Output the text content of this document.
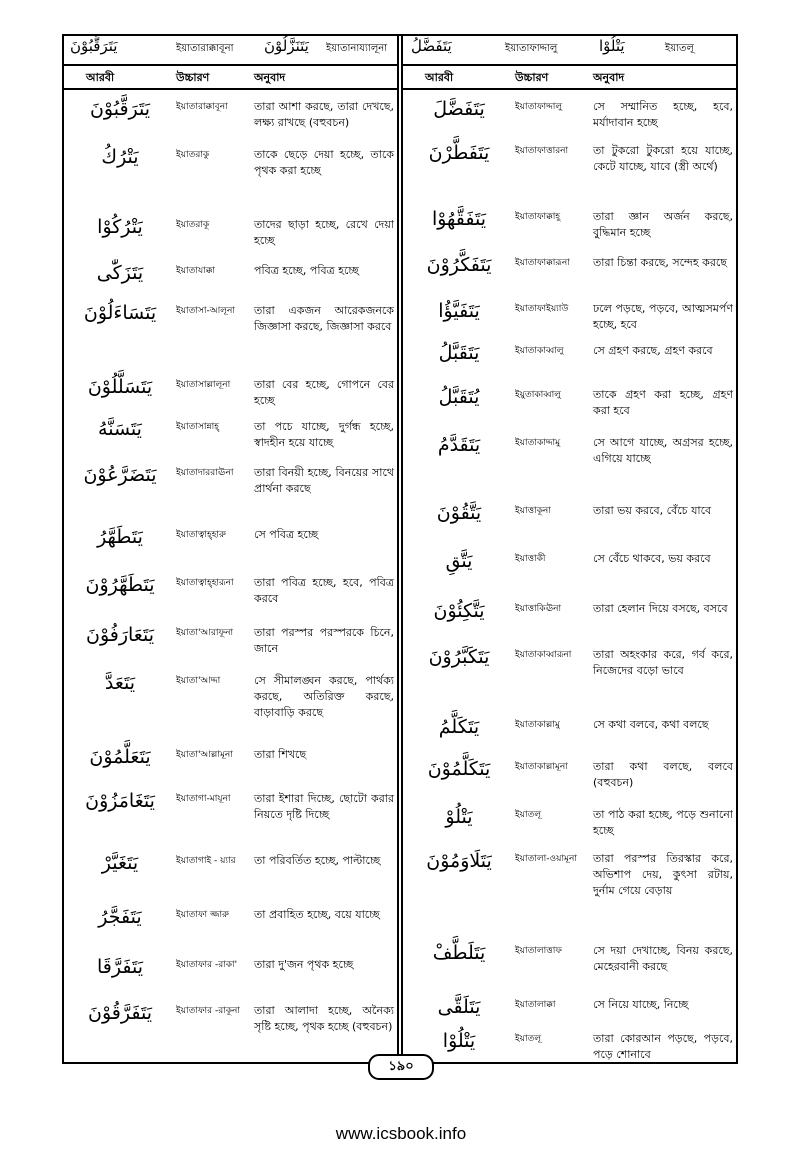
يَتَرَقَّبُوْنَ	ইয়াতারাক্কাবূনা يَتَنَزَّلُوْنَ ইয়াতানায্যালূনা
আরবী	উচ্চারণ	অনুবাদ
يَتَرَقَّبُوْنَ	ইয়াতারাক্কাবূনা	তারা আশা করছে, তারা দেখছে, লক্ষ্য রাখছে (বহুবচন)
يَتْرُكُ	ইয়াতরাকু	তাকে ছেড়ে দেয়া হচ্ছে, তাকে পৃথক করা হচ্ছে
يَتْرُكُوْا	ইয়াতরাকূ	তাদের ছাড়া হচ্ছে, রেখে দেয়া হচ্ছে
يَتَزَكّٰى	ইয়াতাযাক্কা	পবিত্র হচ্ছে, পবিত্র হচ্ছে
يَتَسَاءَلُوْنَ	ইয়াতাসা-আলূনা	তারা একজন আরেকজনকে জিজ্ঞাসা করছে, জিজ্ঞাসা করবে
يَتَسَلَّلُوْنَ	ইয়াতাসাল্লালূনা	তারা বের হচ্ছে, গোপনে বের হচ্ছে
يَتَسَنَّهُ	ইয়াতাসান্নাহ্	তা পচে যাচ্ছে, দুর্গন্ধ হচ্ছে, স্বাদহীন হয়ে যাচ্ছে
يَتَضَرَّعُوْنَ	ইয়াতাদাররাঊনা	তারা বিনয়ী হচ্ছে, বিনয়ের সাথে প্রার্থনা করছে
يَتَطَهَّرُ	ইয়াতাত্বাহ্হারু	সে পবিত্র হচ্ছে
يَتَطَهَّرُوْنَ	ইয়াতাত্বাহ্হারূনা	তারা পবিত্র হচ্ছে, হবে, পবিত্র করবে
يَتَعَارَفُوْنَ	ইয়াতা'আরাফূনা	তারা পরস্পর পরস্পরকে চিনে, জানে
يَتَعَدَّ	ইয়াতা'আদ্দা	সে সীমালঙ্ঘন করছে, পার্থক্য করছে, অতিরিক্ত করছে, বাড়াবাড়ি করছে
يَتَعَلَّمُوْنَ	ইয়াতা'আল্লামূনা	তারা শিখছে
يَتَغَامَزُوْنَ	ইয়াতাগা-মাযূনা	তারা ইশারা দিচ্ছে, ছোটো করার নিয়তে দৃষ্টি দিচ্ছে
يَتَغَيَّرْ	ইয়াতাগাই - য়্যার	তা পরিবর্তিত হচ্ছে, পাল্টাচ্ছে
يَتَفَجَّرُ	ইয়াতাফা জ্জারু	তা প্রবাহিত হচ্ছে, বয়ে যাচ্ছে
يَتَفَرَّقَا	ইয়াতাফার -রাকা'	তারা দু'জন পৃথক হচ্ছে
يَتَفَرَّقُوْنَ	ইয়াতাফার -রাকূনা	তারা আলাদা হচ্ছে, অনৈক্য সৃষ্টি হচ্ছে, পৃথক হচ্ছে (বহুবচন)
يَتَفَضَّلُ	ইয়াতাফাদ্দালু	يَتْلُوْا	ইয়াতলূ
আরবী	উচ্চারণ	অনুবাদ
يَتَفَضَّلَ	ইয়াতাফাদ্দালু	সে সম্মানিত হচ্ছে, হবে, মর্যাদাবান হচ্ছে
يَتَفَطَّرْنَ	ইয়াতাফাত্তারনা	তা টুকরো টুকরো হয়ে যাচ্ছে, কেটে যাচ্ছে, যাবে (স্ত্রী অর্থে)
يَتَفَقَّهُوْا	ইয়াতাফাক্কাহূ	তারা জ্ঞান অর্জন করছে, বুদ্ধিমান হচ্ছে
يَتَفَكَّرُوْنَ	ইয়াতাফাক্কারূনা	তারা চিন্তা করছে, সন্দেহ করছে
يَتَفَيَّؤُا	ইয়াতাফাইয়্যাউ	ঢলে পড়ছে, পড়বে, আত্মসমর্পণ হচ্ছে, হবে
يَتَقَبَّلُ	ইয়াতাকাব্বালু	সে গ্রহণ করছে, গ্রহণ করবে
يُتَقَبَّلُ	ইয়ুতাকাব্বালু	তাকে গ্রহণ করা হচ্ছে, গ্রহণ করা হবে
يَتَقَدَّمُ	ইয়াতাকাদ্দামু	সে আগে যাচ্ছে, অগ্রসর হচ্ছে, এগিয়ে যাচ্ছে
يَتَّقُوْنَ	ইয়াত্তাকূনা	তারা ভয় করবে, বেঁচে যাবে
يَتَّقِ	ইয়াত্তাকী	সে বেঁচে থাকবে, ভয় করবে
يَتَّكِئُوْنَ	ইয়াত্তাকিঊনা	তারা হেলান দিয়ে বসছে, বসবে
يَتَكَبَّرُوْنَ	ইয়াতাকাব্বারূনা	তারা অহংকার করে, গর্ব করে, নিজেদের বড়ো ভাবে
يَتَكَلَّمُ	ইয়াতাকাল্লামু	সে কথা বলবে, কথা বলছে
يَتَكَلَّمُوْنَ	ইয়াতাকাল্লামূনা	তারা কথা বলছে, বলবে (বহুবচন)
يَتْلُوْ	ইয়াতলূ	তা পাঠ করা হচ্ছে, পড়ে শুনানো হচ্ছে
يَتَلَاوَمُوْنَ	ইয়াতালা-ওয়ামূনা	তারা পরস্পর তিরস্কার করে, অভিশাপ দেয়, কুৎসা রটায়, দুর্নাম গেয়ে বেড়ায়
يَتَلَطَّفْ	ইয়াতালাত্তাফ	সে দয়া দেখাচ্ছে, বিনয় করছে, মেহেরবানী করছে
يَتَلَقَّى	ইয়াতালাক্কা	সে নিয়ে যাচ্ছে, নিচ্ছে
يَتْلُوْا	ইয়াতলূ	তারা কোরআন পড়ছে, পড়বে, পড়ে শোনাবে
১৯০
www.icsbook.info
